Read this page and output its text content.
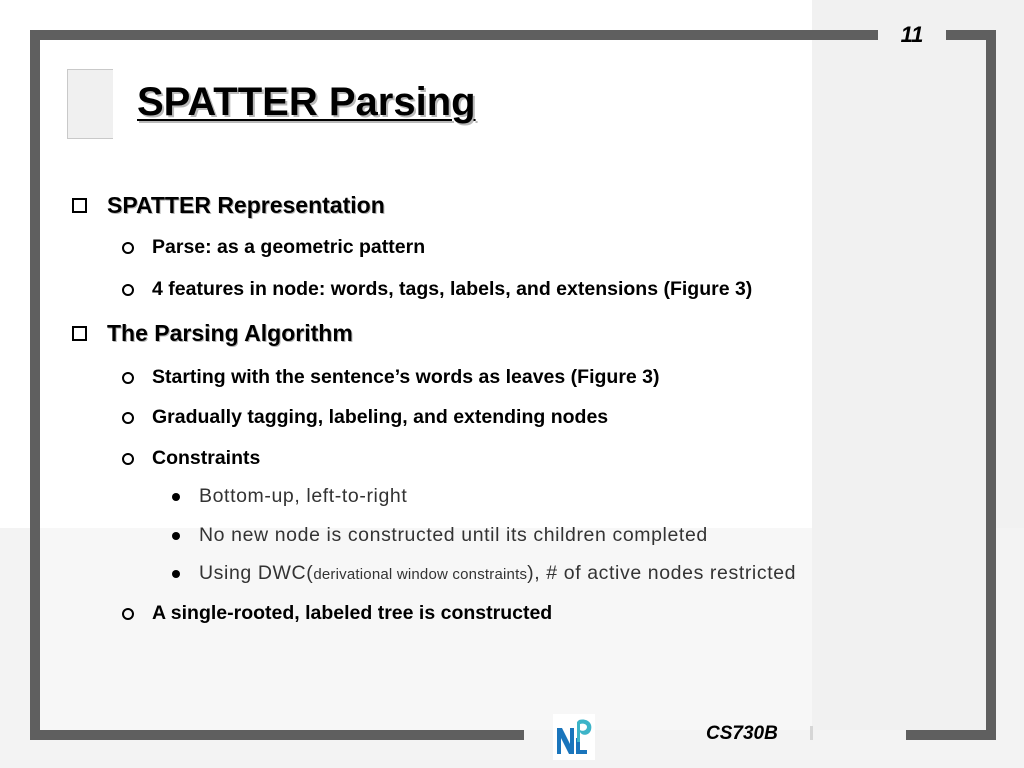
11
SPATTER Parsing
SPATTER Representation
Parse: as a geometric pattern
4 features in node: words, tags, labels, and extensions (Figure 3)
The Parsing Algorithm
Starting with the sentence’s words as leaves (Figure 3)
Gradually tagging, labeling, and extending nodes
Constraints
Bottom-up, left-to-right
No new node is constructed until its children completed
Using DWC(derivational window constraints), # of active nodes restricted
A single-rooted, labeled tree is constructed
CS730B
